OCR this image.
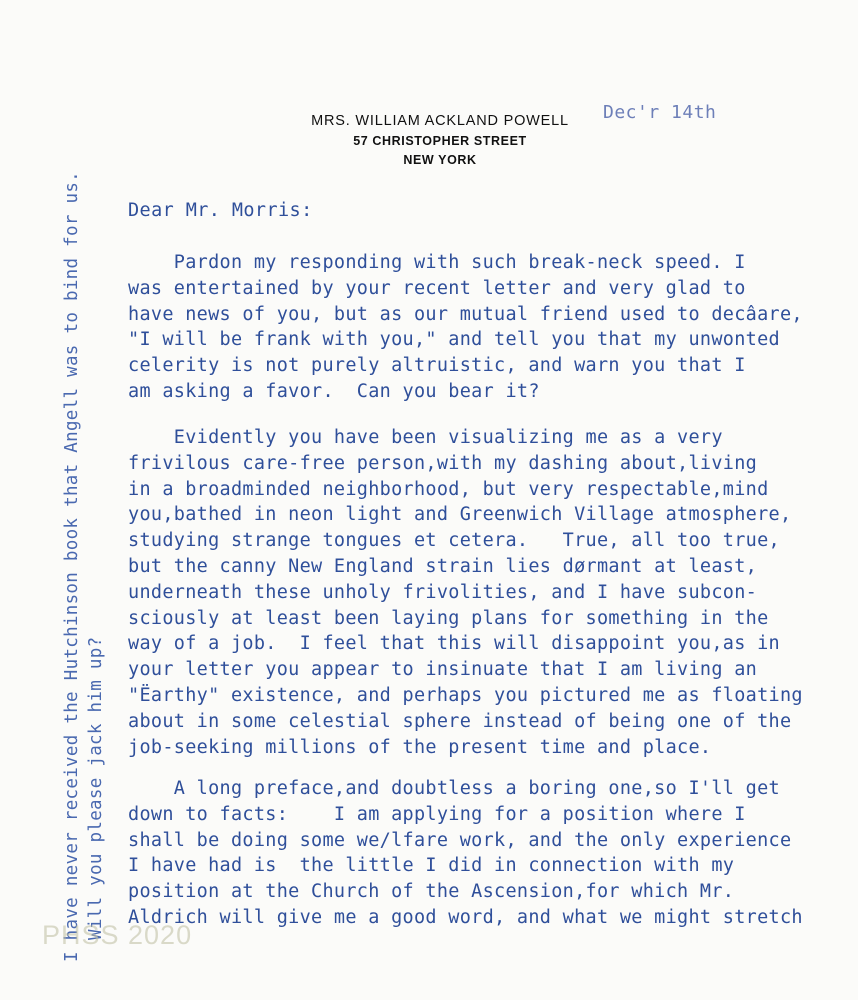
MRS. WILLIAM ACKLAND POWELL
57 CHRISTOPHER STREET
NEW YORK
Dec'r 14th
Dear Mr. Morris:
Pardon my responding with such break-neck speed. I
was entertained by your recent letter and very glad to
have news of you, but as our mutual friend used to decâare,
"I will be frank with you," and tell you that my unwonted
celerity is not purely altruistic, and warn you that I
am asking a favor.  Can you bear it?
Evidently you have been visualizing me as a very
frivilous care-free person,with my dashing about,living
in a broadminded neighborhood, but very respectable,mind
you,bathed in neon light and Greenwich Village atmosphere,
studying strange tongues et cetera.   True, all too true,
but the canny New England strain lies dørmant at least,
underneath these unholy frivolities, and I have subcon-
sciously at least been laying plans for something in the
way of a job.  I feel that this will disappoint you,as in
your letter you appear to insinuate that I am living an
"Ëarthy" existence, and perhaps you pictured me as floating
about in some celestial sphere instead of being one of the
job-seeking millions of the present time and place.
A long preface,and doubtless a boring one,so I'll get
down to facts:    I am applying for a position where I
shall be doing some we/lfare work, and the only experience
I have had is  the little I did in connection with my
position at the Church of the Ascension,for which Mr.
Aldrich will give me a good word, and what we might stretch
I have never received the Hutchinson book that Angell was to bind for us. Will you please jack him up?
PHSS 2020
